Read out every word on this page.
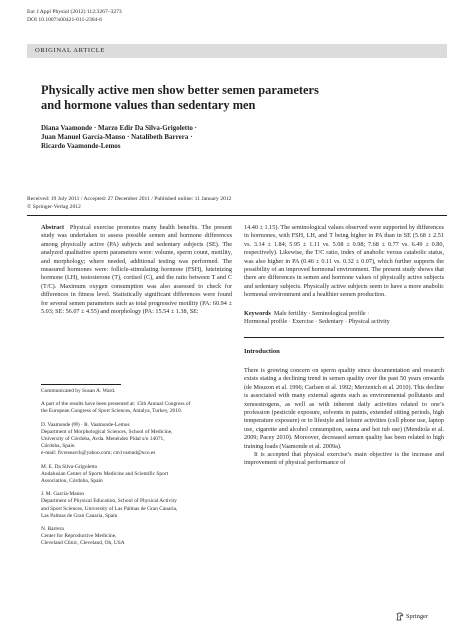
Eur J Appl Physiol (2012) 112:3267–3273
DOI 10.1007/s00421-011-2304-6
ORIGINAL ARTICLE
Physically active men show better semen parameters
and hormone values than sedentary men
Diana Vaamonde · Marzo Edir Da Silva-Grigoletto ·
Juan Manuel García-Manso · Natalibeth Barrera ·
Ricardo Vaamonde-Lemos
Received: 19 July 2011 / Accepted: 27 December 2011 / Published online: 11 January 2012
© Springer-Verlag 2012

Abstract Physical exercise promotes many health benefits. The present study was undertaken to assess possible semen and hormone differences among physically active (PA) subjects and sedentary subjects (SE). The analyzed qualitative sperm parameters were: volume, sperm count, motility, and morphology; where needed, additional testing was performed. The measured hormones were: follicle-stimulating hormone (FSH), luteinizing hormone (LH), testosterone (T), cortisol (C), and the ratio between T and C (T/C). Maximum oxygen consumption was also assessed to check for differences in fitness level. Statistically significant differences were found for several semen parameters such as total progressive motility (PA: 60.94 ± 5.03; SE: 56.07 ± 4.55) and morphology (PA: 15.54 ± 1.38, SE:

Communicated by Susan A. Ward.
A part of the results have been presented at: 15th Annual Congress of
the European Congress of Sport Sciences, Antalya, Turkey, 2010.
D. Vaamonde (✉) · R. Vaamonde-Lemos
Department of Morphological Sciences, School of Medicine,
University of Córdoba, Avda. Menéndez Pidal s/n 14071,
Córdoba, Spain
e-mail: fivresearch@yahoo.com; cm1vamad@uco.es
M. E. Da Silva-Grigoletto
Andalusian Center of Sports Medicine and Scientific Sport
Association, Córdoba, Spain
J. M. García-Manso
Department of Physical Education, School of Physical Activity
and Sport Sciences, University of Las Palmas de Gran Canaria,
Las Palmas de Gran Canaria, Spain
N. Barrera
Center for Reproductive Medicine,
Cleveland Clinic, Cleveland, Oh, USA

14.40 ± 1.15). The seminological values observed were supported by differences in hormones, with FSH, LH, and T being higher in PA than in SE (5.68 ± 2.51 vs. 3.14 ± 1.84; 5.95 ± 1.11 vs. 5.08 ± 0.98; 7.68 ± 0.77 vs. 6.49 ± 0.80, respectively). Likewise, the T/C ratio, index of anabolic versus catabolic status, was also higher in PA (0.46 ± 0.11 vs. 0.32 ± 0.07), which further supports the possibility of an improved hormonal environment. The present study shows that there are differences in semen and hormone values of physically active subjects and sedentary subjects. Physically active subjects seem to have a more anabolic hormonal environment and a healthier semen production.

Keywords Male fertility · Seminological profile ·
Hormonal profile · Exercise · Sedentary · Physical activity

Introduction

There is growing concern on sperm quality since documentation and research exists stating a declining trend in semen quality over the past 50 years onwards (de Mouzon et al. 1996; Carlsen et al. 1992; Merzenich et al. 2010). This decline is associated with many external agents such as environmental pollutants and xenoestrogens, as well as with inherent daily activities related to one’s profession (pesticide exposure, solvents in paints, extended sitting periods, high temperature exposure) or to lifestyle and leisure activities (cell phone use, laptop use, cigarette and alcohol consumption, sauna and hot tub use) (Mendiola et al. 2009; Pacey 2010). Moreover, decreased semen quality has been related to high training loads (Vaamonde et al. 2009a).

It is accepted that physical exercise’s main objective is the increase and improvement of physical performance of

Springer
